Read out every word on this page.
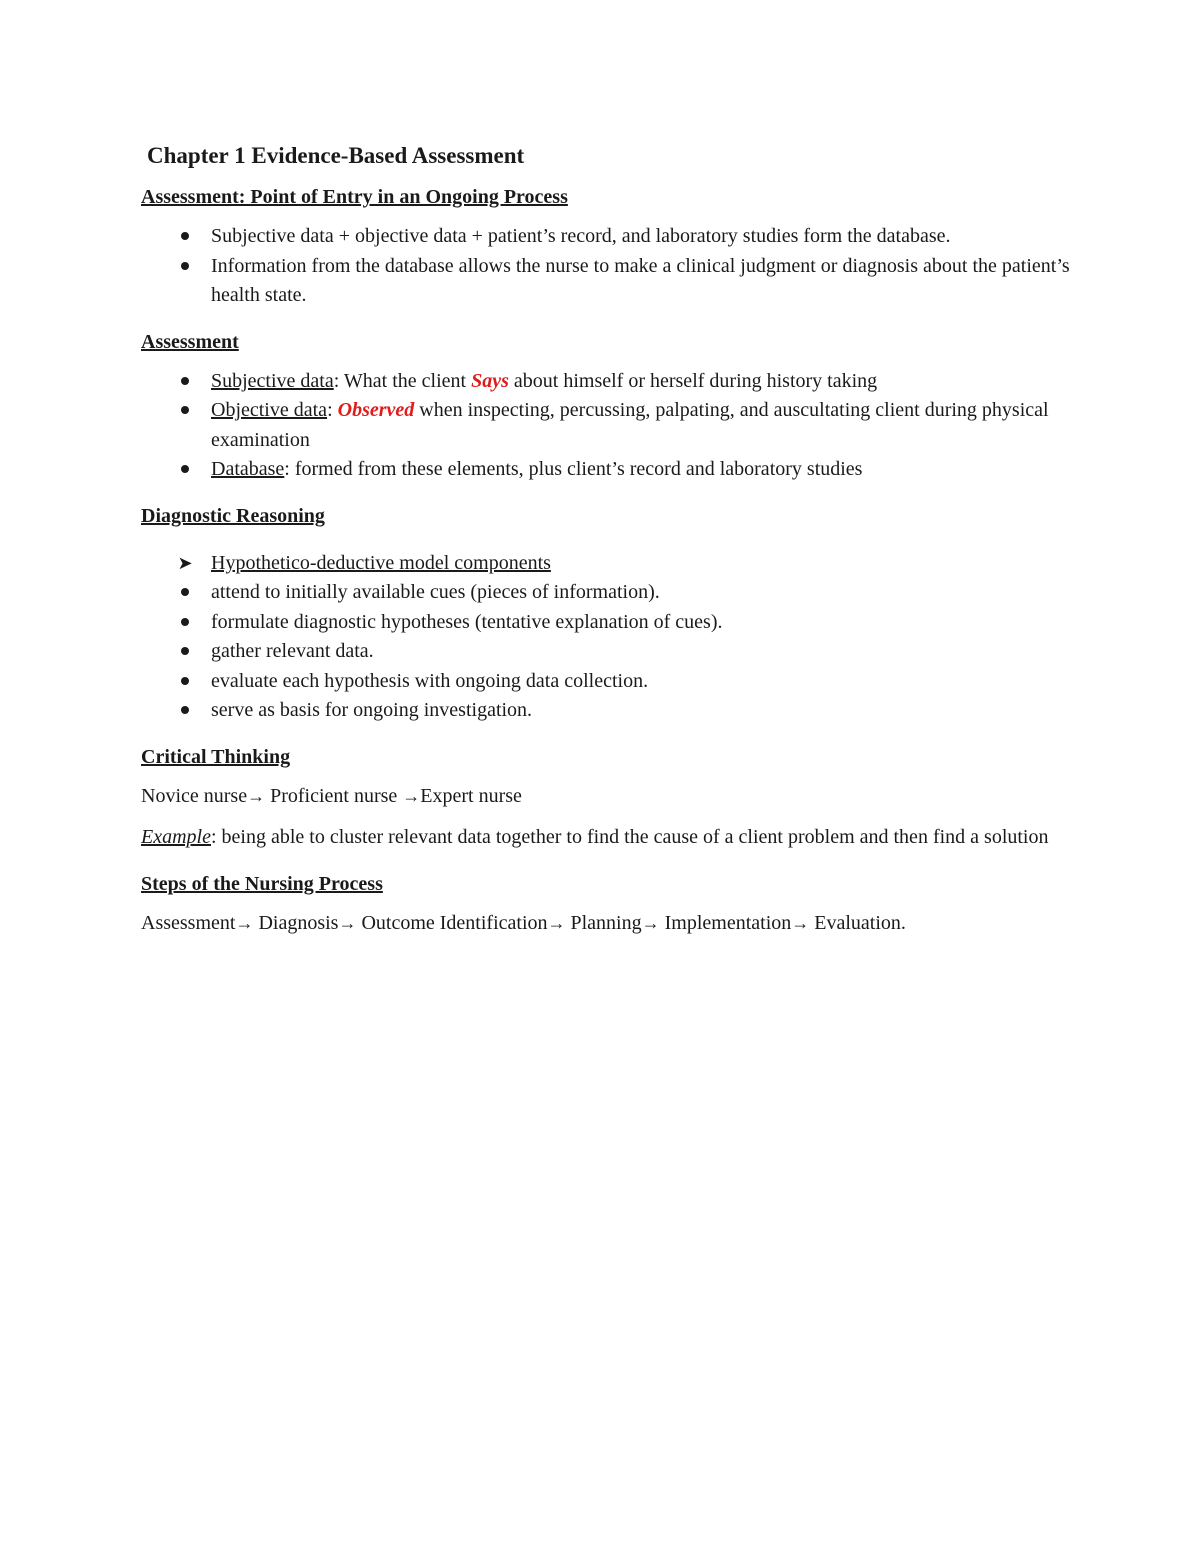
Chapter 1 Evidence-Based Assessment
Assessment: Point of Entry in an Ongoing Process
Subjective data + objective data + patient’s record, and laboratory studies form the database.
Information from the database allows the nurse to make a clinical judgment or diagnosis about the patient’s health state.
Assessment
Subjective data: What the client Says about himself or herself during history taking
Objective data: Observed when inspecting, percussing, palpating, and auscultating client during physical examination
Database: formed from these elements, plus client’s record and laboratory studies
Diagnostic Reasoning
➤ Hypothetico-deductive model components
attend to initially available cues (pieces of information).
formulate diagnostic hypotheses (tentative explanation of cues).
gather relevant data.
evaluate each hypothesis with ongoing data collection.
serve as basis for ongoing investigation.
Critical Thinking

Novice nurse→ Proficient nurse →Expert nurse

Example: being able to cluster relevant data together to find the cause of a client problem and then find a solution

Steps of the Nursing Process

Assessment→ Diagnosis→ Outcome Identification→ Planning→ Implementation→ Evaluation.
